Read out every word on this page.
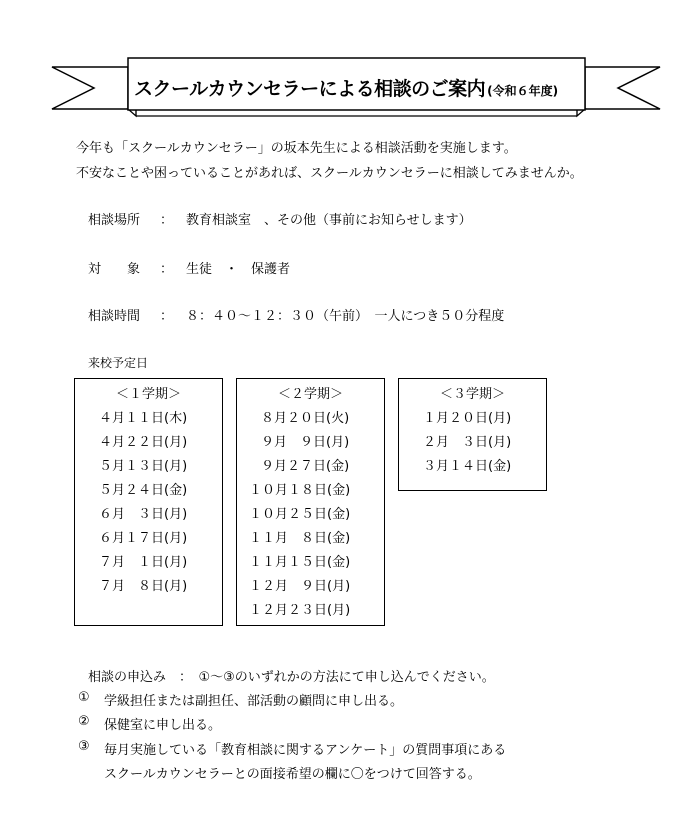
スクールカウンセラーによる相談のご案内 (令和６年度)
今年も「スクールカウンセラー」の坂本先生による相談活動を実施します。
不安なことや困っていることがあれば、スクールカウンセラーに相談してみませんか。
相談場所	： 教育相談室　、その他（事前にお知らせします）
対　　象	： 生徒　・　保護者
相談時間	： ８：４０～１２：３０（午前）　一人につき５０分程度
来校予定日
＜１学期＞
４月１１日(木)
４月２２日(月)
５月１３日(月)
５月２４日(金)
６月　３日(月)
６月１７日(月)
７月　１日(月)
７月　８日(月)
＜２学期＞
８月２０日(火)
９月　９日(月)
９月２７日(金)
１０月１８日(金)
１０月２５日(金)
１１月　８日(金)
１１月１５日(金)
１２月　９日(月)
１２月２３日(月)
＜３学期＞
１月２０日(月)
２月　３日(月)
３月１４日(金)
相談の申込み　：　①～③のいずれかの方法にて申し込んでください。
①	学級担任または副担任、部活動の顧問に申し出る。
②	保健室に申し出る。
③	毎月実施している「教育相談に関するアンケート」の質問事項にある
スクールカウンセラーとの面接希望の欄に〇をつけて回答する。
